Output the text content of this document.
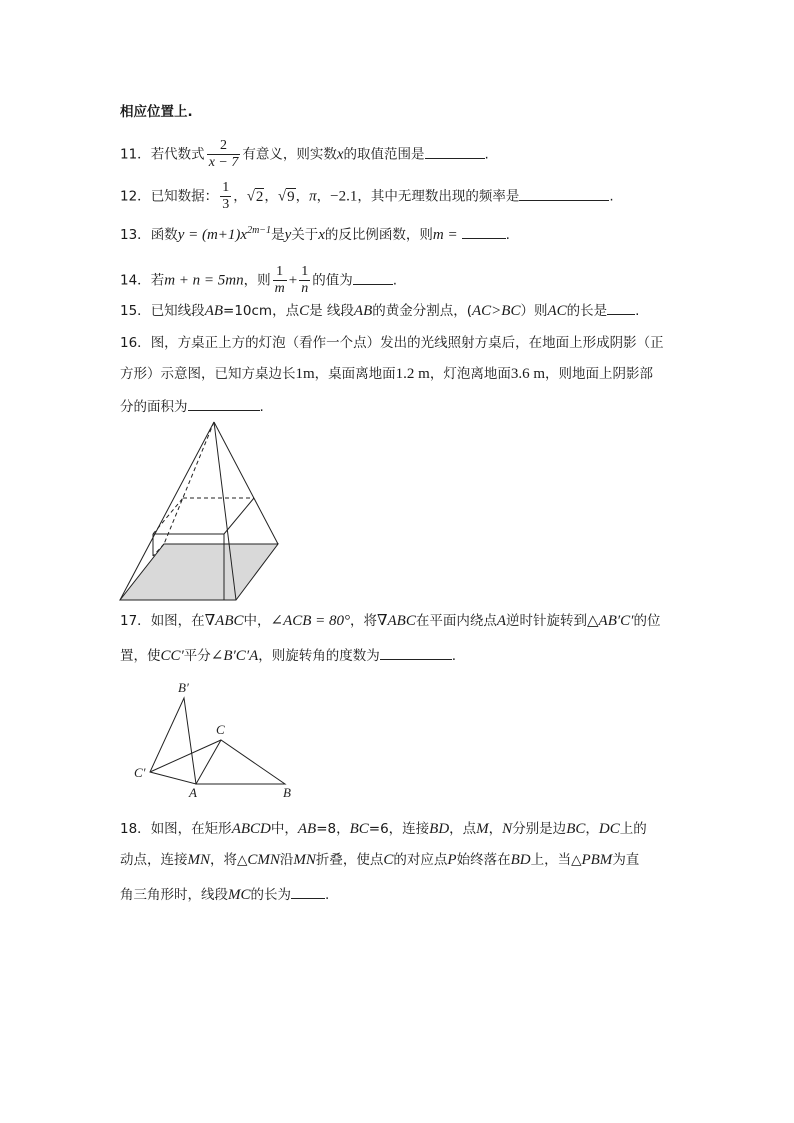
相应位置上.
11．若代数式 $\frac{2}{x - 7}$ 有意义，则实数x的取值范围是	.
12．已知数据： $\frac{1}{3}$ ，√2，√9，π，−2.1，其中无理数出现的频率是	.
13．函数$y = (m+1)x^{2m-1}$是y关于x的反比例函数，则m =	.
14．若m + n = 5mn，则 $\frac{1}{m} + \frac{1}{n}$ 的值为	.
15．已知线段AB=10cm，点C是 线段AB的黄金分割点，(AC>BC）则AC的长是 .
16．图，方桌正上方的灯泡（看作一个点）发出的光线照射方桌后，在地面上形成阴影（正
方形）示意图，已知方桌边长1m，桌面离地面1.2 m，灯泡离地面3.6 m，则地面上阴影部
分的面积为	.
17．如图，在∇ABC中，∠ACB = 80°，将∇ABC在平面内绕点A逆时针旋转到△AB′C′的位
置，使CC′平分∠B′C′A，则旋转角的度数为	.
B′
C
C′
A	B
18．如图，在矩形ABCD中，AB=8，BC=6，连接BD，点M，N分别是边BC，DC上的
动点，连接MN，将△CMN沿MN折叠，使点C的对应点P始终落在BD上，当△PBM为直
角三角形时，线段MC的长为	.
